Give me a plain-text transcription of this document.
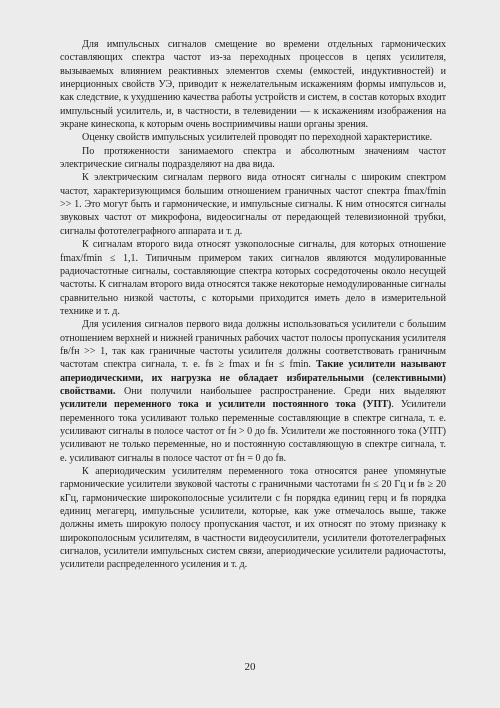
Для импульсных сигналов смещение во времени отдельных гармонических составляющих спектра частот из-за переходных процессов в цепях усилителя, вызываемых влиянием реактивных элементов схемы (емкостей, индуктивностей) и инерционных свойств УЭ, приводит к нежелательным искажениям формы импульсов и, как следствие, к ухудшению качества работы устройств и систем, в состав которых входит импульсный усилитель, и, в частности, в телевидении — к искажениям изображения на экране кинескопа, к которым очень восприимчивы наши органы зрения.

Оценку свойств импульсных усилителей проводят по переходной характеристике.

По протяженности занимаемого спектра и абсолютным значениям частот электрические сигналы подразделяют на два вида.

К электрическим сигналам первого вида относят сигналы с широким спектром частот, характеризующимся большим отношением граничных частот спектра fmax/fmin >> 1. Это могут быть и гармонические, и импульсные сигналы. К ним относятся сигналы звуковых частот от микрофона, видеосигналы от передающей телевизионной трубки, сигналы фототелеграфного аппарата и т. д.

К сигналам второго вида относят узкополосные сигналы, для которых отношение fmax/fmin ≤ 1,1. Типичным примером таких сигналов являются модулированные радиочастотные сигналы, составляющие спектра которых сосредоточены около несущей частоты. К сигналам второго вида относятся также некоторые немодулированные сигналы сравнительно низкой частоты, с которыми приходится иметь дело в измерительной технике и т. д.

Для усиления сигналов первого вида должны использоваться усилители с большим отношением верхней и нижней граничных рабочих частот полосы пропускания усилителя fв/fн >> 1, так как граничные частоты усилителя должны соответствовать граничным частотам спектра сигнала, т. е. fв ≥ fmax и fн ≤ fmin. Такие усилители называют апериодическими, их нагрузка не обладает избирательными (селективными) свойствами. Они получили наибольшее распространение. Среди них выделяют усилители переменного тока и усилители постоянного тока (УПТ). Усилители переменного тока усиливают только переменные составляющие в спектре сигнала, т. е. усиливают сигналы в полосе частот от fн > 0 до fв. Усилители же постоянного тока (УПТ) усиливают не только переменные, но и постоянную составляющую в спектре сигнала, т. е. усиливают сигналы в полосе частот от fн = 0 до fв.

К апериодическим усилителям переменного тока относятся ранее упомянутые гармонические усилители звуковой частоты с граничными частотами fн ≤ 20 Гц и fв ≥ 20 кГц, гармонические широкополосные усилители с fн порядка единиц герц и fв порядка единиц мегагерц, импульсные усилители, которые, как уже отмечалось выше, также должны иметь широкую полосу пропускания частот, и их относят по этому признаку к широкополосным усилителям, в частности видеоусилители, усилители фототелеграфных сигналов, усилители импульсных систем связи, апериодические усилители радиочастоты, усилители распределенного усиления и т. д.

20
